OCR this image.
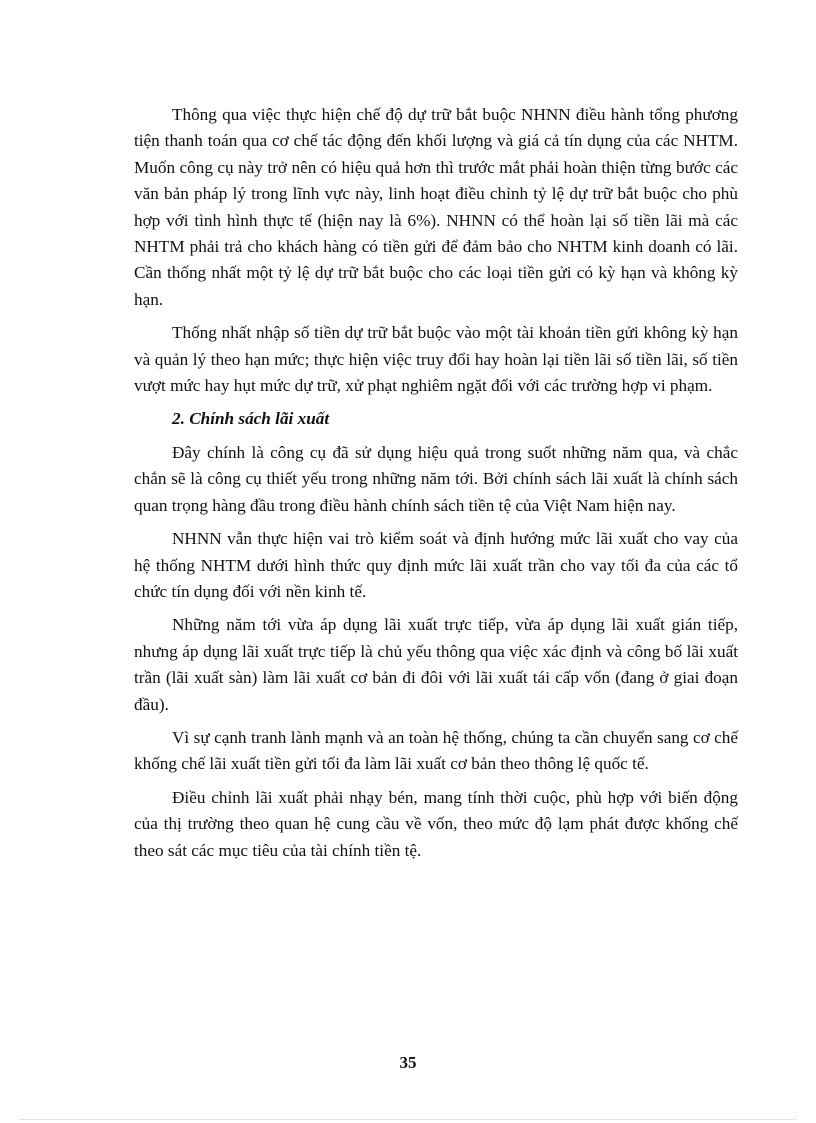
Thông qua việc thực hiện chế độ dự trữ bắt buộc NHNN điều hành tổng phương tiện thanh toán qua cơ chế tác động đến khối lượng và giá cả tín dụng của các NHTM. Muốn công cụ này trở nên có hiệu quả hơn thì trước mắt phải hoàn thiện từng bước các văn bản pháp lý trong lĩnh vực này, linh hoạt điều chỉnh tỷ lệ dự trữ bắt buộc cho phù hợp với tình hình thực tế (hiện nay là 6%). NHNN có thể hoàn lại số tiền lãi mà các NHTM phải trả cho khách hàng có tiền gửi để đảm bảo cho NHTM kinh doanh có lãi. Cần thống nhất một tỷ lệ dự trữ bắt buộc cho các loại tiền gửi có kỳ hạn và không kỳ hạn.

Thống nhất nhập số tiền dự trữ bắt buộc vào một tài khoản tiền gửi không kỳ hạn và quản lý theo hạn mức; thực hiện việc truy đổi hay hoàn lại tiền lãi số tiền lãi, số tiền vượt mức hay hụt mức dự trữ, xử phạt nghiêm ngặt đối với các trường hợp vi phạm.

2. Chính sách lãi xuất

Đây chính là công cụ đã sử dụng hiệu quả trong suốt những năm qua, và chắc chắn sẽ là công cụ thiết yếu trong những năm tới. Bởi chính sách lãi xuất là chính sách quan trọng hàng đầu trong điều hành chính sách tiền tệ của Việt Nam hiện nay.

NHNN vẫn thực hiện vai trò kiểm soát và định hướng mức lãi xuất cho vay của hệ thống NHTM dưới hình thức quy định mức lãi xuất trần cho vay tối đa của các tổ chức tín dụng đối với nền kinh tế.

Những năm tới vừa áp dụng lãi xuất trực tiếp, vừa áp dụng lãi xuất gián tiếp, nhưng áp dụng lãi xuất trực tiếp là chủ yếu thông qua việc xác định và công bố lãi xuất trần (lãi xuất sàn) làm lãi xuất cơ bản đi đôi với lãi xuất tái cấp vốn (đang ở giai đoạn đầu).

Vì sự cạnh tranh lành mạnh và an toàn hệ thống, chúng ta cần chuyển sang cơ chế khống chế lãi xuất tiền gửi tối đa làm lãi xuất cơ bản theo thông lệ quốc tế.

Điều chỉnh lãi xuất phải nhạy bén, mang tính thời cuộc, phù hợp với biến động của thị trường theo quan hệ cung cầu về vốn, theo mức độ lạm phát được khống chế theo sát các mục tiêu của tài chính tiền tệ.

35
